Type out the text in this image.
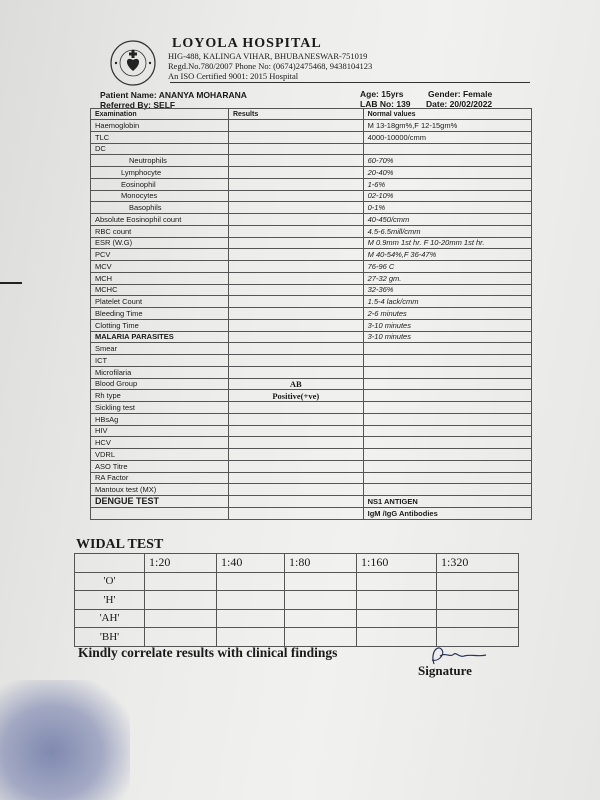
LOYOLA HOSPITAL
HIG-488, KALINGA VIHAR, BHUBANESWAR-751019
Regd.No.780/2007 Phone No: (0674)2475468, 9438104123
An ISO Certified 9001: 2015 Hospital
Patient Name: ANANYA MOHARANA
Referred By: SELF
Age: 15yrs	Gender: Female
LAB No: 139 Date: 20/02/2022
Examination	Results	Normal values
Haemoglobin		M 13-18gm%,F 12-15gm%
TLC		4000-10000/cmm
DC		
Neutrophils		60-70%
Lymphocyte		20-40%
Eosinophil		1-6%
Monocytes		02-10%
Basophils		0-1%
Absolute Eosinophil count		40-450/cmm
RBC count		4.5-6.5mill/cmm
ESR (W.G)		M 0.9mm 1st hr. F 10-20mm 1st hr.
PCV		M 40-54%,F 36-47%
MCV		76-96 C
MCH		27-32 gm.
MCHC		32-36%
Platelet Count		1.5-4 lack/cmm
Bleeding Time		2-6 minutes
Clotting Time		3-10 minutes
MALARIA PARASITES		3-10 minutes
Smear		
ICT		
Microfilaria		
Blood Group	AB	
Rh type	Positive(+ve)	
Sickling test		
HBsAg		
HIV		
HCV		
VDRL		
ASO Titre		
RA Factor		
Mantoux test (MX)		
DENGUE TEST		NS1 ANTIGEN
		IgM /IgG Antibodies
WIDAL TEST
	1:20	1:40	1:80	1:160	1:320
'O'					
'H'					
'AH'					
'BH'					
Kindly correlate results with clinical findings
Signature
